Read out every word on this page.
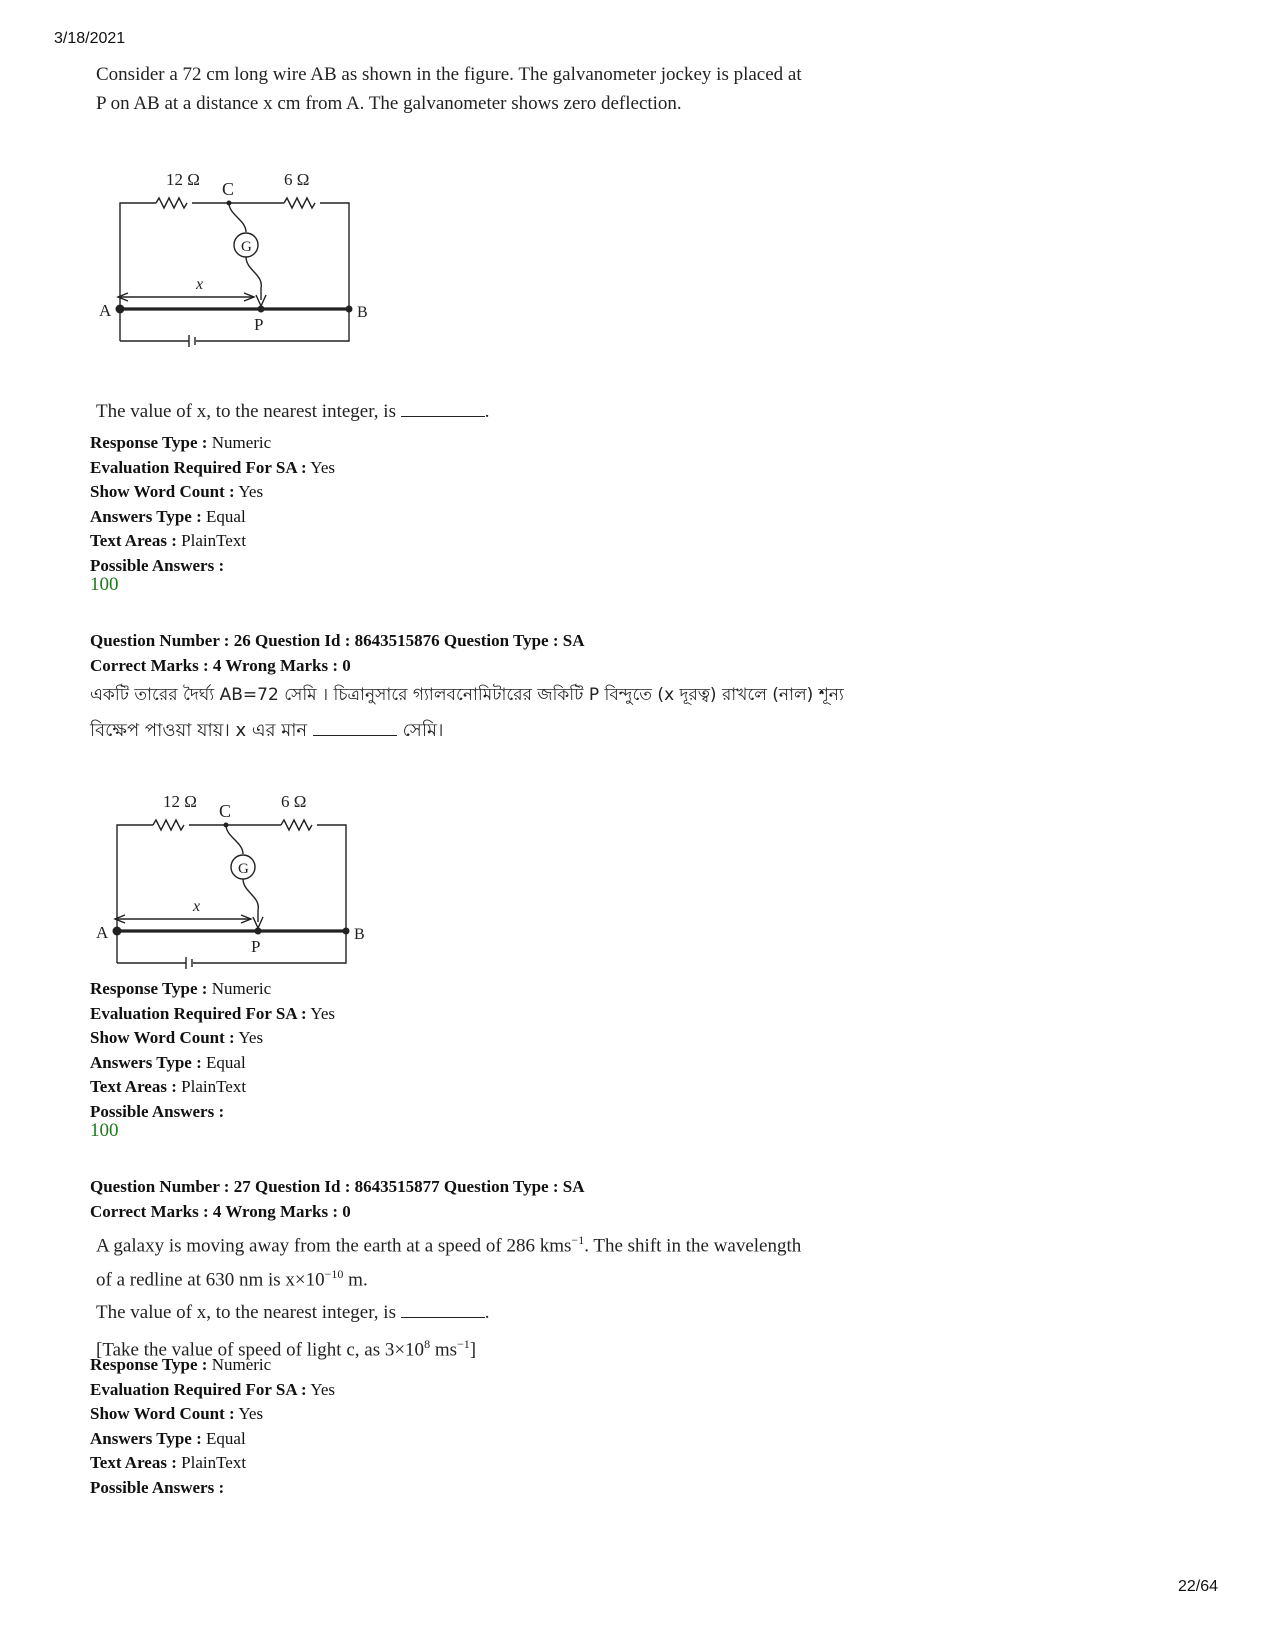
3/18/2021
Consider a 72 cm long wire AB as shown in the figure. The galvanometer jockey is placed at
P on AB at a distance x cm from A. The galvanometer shows zero deflection.
12 Ω C	6 Ω
G
x
A	B
P
The value of x, to the nearest integer, is	.
Response Type : Numeric
Evaluation Required For SA : Yes
Show Word Count : Yes
Answers Type : Equal
Text Areas : PlainText
Possible Answers :
100
Question Number : 26 Question Id : 8643515876 Question Type : SA
Correct Marks : 4 Wrong Marks : 0
একটি তারের দৈর্ঘ্য AB=72 সেমি । চিত্রানুসারে গ্যালবনোমিটারের জকিটি P বিন্দুতে (x দূরত্ব) রাখলে (নাল) শূন্য
বিক্ষেপ পাওয়া যায়। x এর মান	সেমি।
12 Ω C	6 Ω
G
x
A	B
P
Response Type : Numeric
Evaluation Required For SA : Yes
Show Word Count : Yes
Answers Type : Equal
Text Areas : PlainText
Possible Answers :
100
Question Number : 27 Question Id : 8643515877 Question Type : SA
Correct Marks : 4 Wrong Marks : 0
A galaxy is moving away from the earth at a speed of 286 kms$^{-1}$. The shift in the wavelength
of a redline at 630 nm is $x\times 10^{-10}$ m.
The value of x, to the nearest integer, is	.
[Take the value of speed of light c, as $3\times 10^8$ $ms^{-1}$]
Response Type : Numeric
Evaluation Required For SA : Yes
Show Word Count : Yes
Answers Type : Equal
Text Areas : PlainText
Possible Answers :
22/64
